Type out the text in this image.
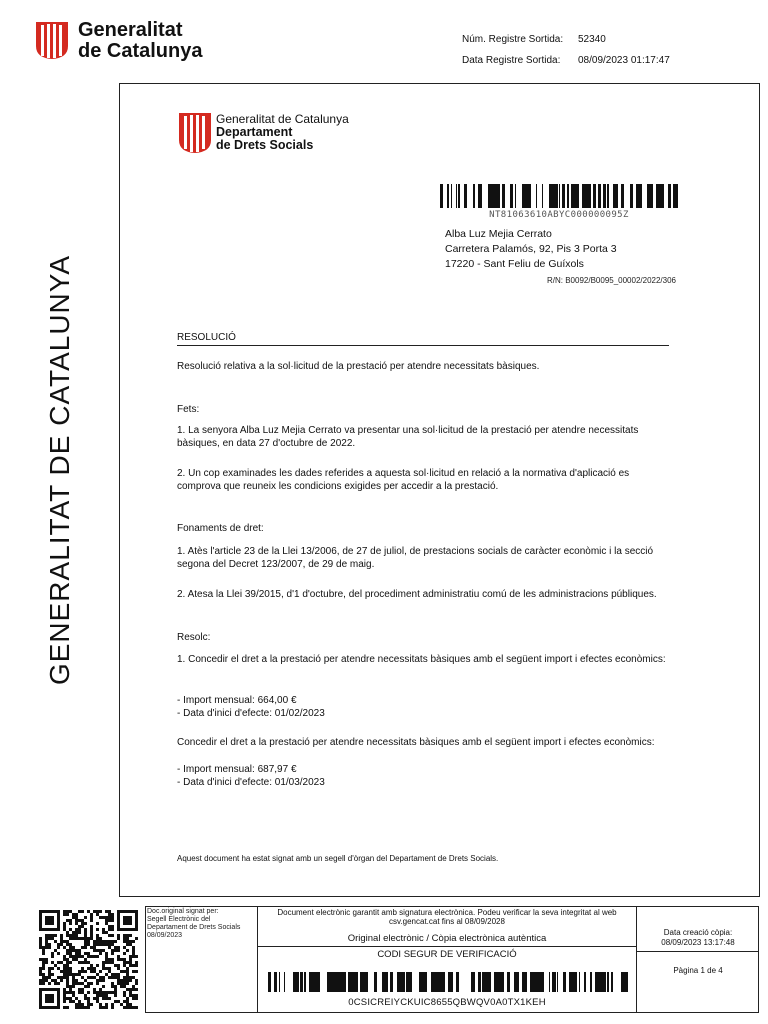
Generalitat
de Catalunya
Núm. Registre Sortida:
Data Registre Sortida:
52340
08/09/2023 01:17:47
GENERALITAT DE CATALUNYA
Generalitat de Catalunya
Departament
de Drets Socials
NT81063610ABYC000000095Z
Alba Luz Mejia Cerrato
Carretera Palamós, 92, Pis 3 Porta 3
17220 - Sant Feliu de Guíxols
R/N: B0092/B0095_00002/2022/306
RESOLUCIÓ

Resolució relativa a la sol·licitud de la prestació per atendre necessitats bàsiques.

Fets:

1. La senyora Alba Luz Mejia Cerrato va presentar una sol·licitud de la prestació per atendre necessitats bàsiques, en data 27 d'octubre de 2022.

2. Un cop examinades les dades referides a aquesta sol·licitud en relació a la normativa d'aplicació es comprova que reuneix les condicions exigides per accedir a la prestació.

Fonaments de dret:

1. Atès l'article 23 de la Llei 13/2006, de 27 de juliol, de prestacions socials de caràcter econòmic i la secció segona del Decret 123/2007, de 29 de maig.

2. Atesa la Llei 39/2015, d'1 d'octubre, del procediment administratiu comú de les administracions públiques.

Resolc:

1. Concedir el dret a la prestació per atendre necessitats bàsiques amb el següent import i efectes econòmics:

- Import mensual: 664,00 €

- Data d'inici d'efecte: 01/02/2023

Concedir el dret a la prestació per atendre necessitats bàsiques amb el següent import i efectes econòmics:

- Import mensual: 687,97 €

- Data d'inici d'efecte: 01/03/2023

Aquest document ha estat signat amb un segell d'òrgan del Departament de Drets Socials.

Doc.original signat per:
Segell Electrònic del
Departament de Drets Socials
08/09/2023
Document electrònic garantit amb signatura electrònica. Podeu verificar la seva integritat al web csv.gencat.cat fins al 08/09/2028
Original electrònic / Còpia electrònica autèntica
CODI SEGUR DE VERIFICACIÓ
0CSICREIYCKUIC8655QBWQV0A0TX1KEH
Data creació còpia:
08/09/2023 13:17:48
Pàgina 1 de 4
